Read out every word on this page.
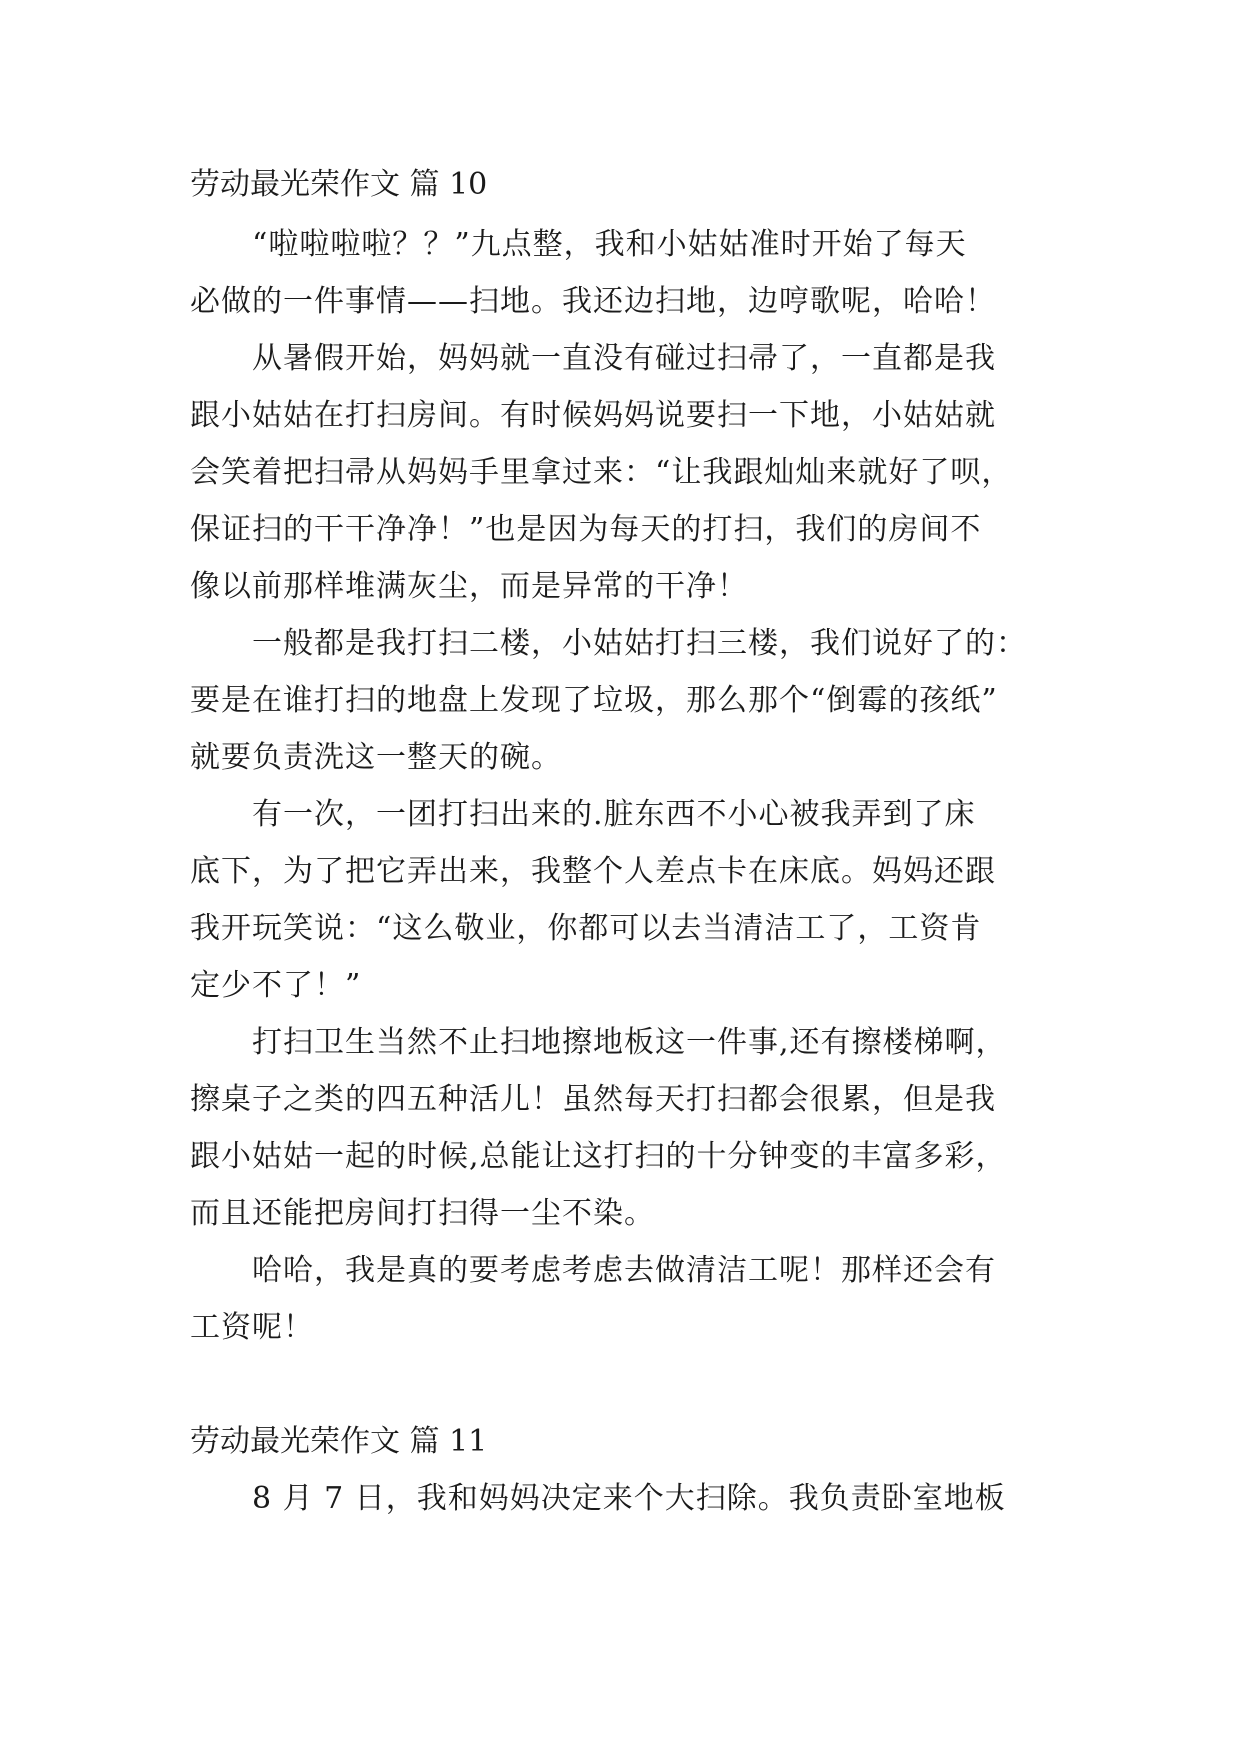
劳动最光荣作文 篇 10
“啦啦啦啦？？”九点整，我和小姑姑准时开始了每天
必做的一件事情——扫地。我还边扫地，边哼歌呢，哈哈！
从暑假开始，妈妈就一直没有碰过扫帚了，一直都是我
跟小姑姑在打扫房间。有时候妈妈说要扫一下地，小姑姑就
会笑着把扫帚从妈妈手里拿过来：“让我跟灿灿来就好了呗，
保证扫的干干净净！”也是因为每天的打扫，我们的房间不
像以前那样堆满灰尘，而是异常的干净！
一般都是我打扫二楼，小姑姑打扫三楼，我们说好了的：
要是在谁打扫的地盘上发现了垃圾，那么那个“倒霉的孩纸”
就要负责洗这一整天的碗。
有一次，一团打扫出来的.脏东西不小心被我弄到了床
底下，为了把它弄出来，我整个人差点卡在床底。妈妈还跟
我开玩笑说：“这么敬业，你都可以去当清洁工了，工资肯
定少不了！”
打扫卫生当然不止扫地擦地板这一件事,还有擦楼梯啊，
擦桌子之类的四五种活儿！虽然每天打扫都会很累，但是我
跟小姑姑一起的时候,总能让这打扫的十分钟变的丰富多彩，
而且还能把房间打扫得一尘不染。
哈哈，我是真的要考虑考虑去做清洁工呢！那样还会有
工资呢！
劳动最光荣作文 篇 11
8 月 7 日，我和妈妈决定来个大扫除。我负责卧室地板
